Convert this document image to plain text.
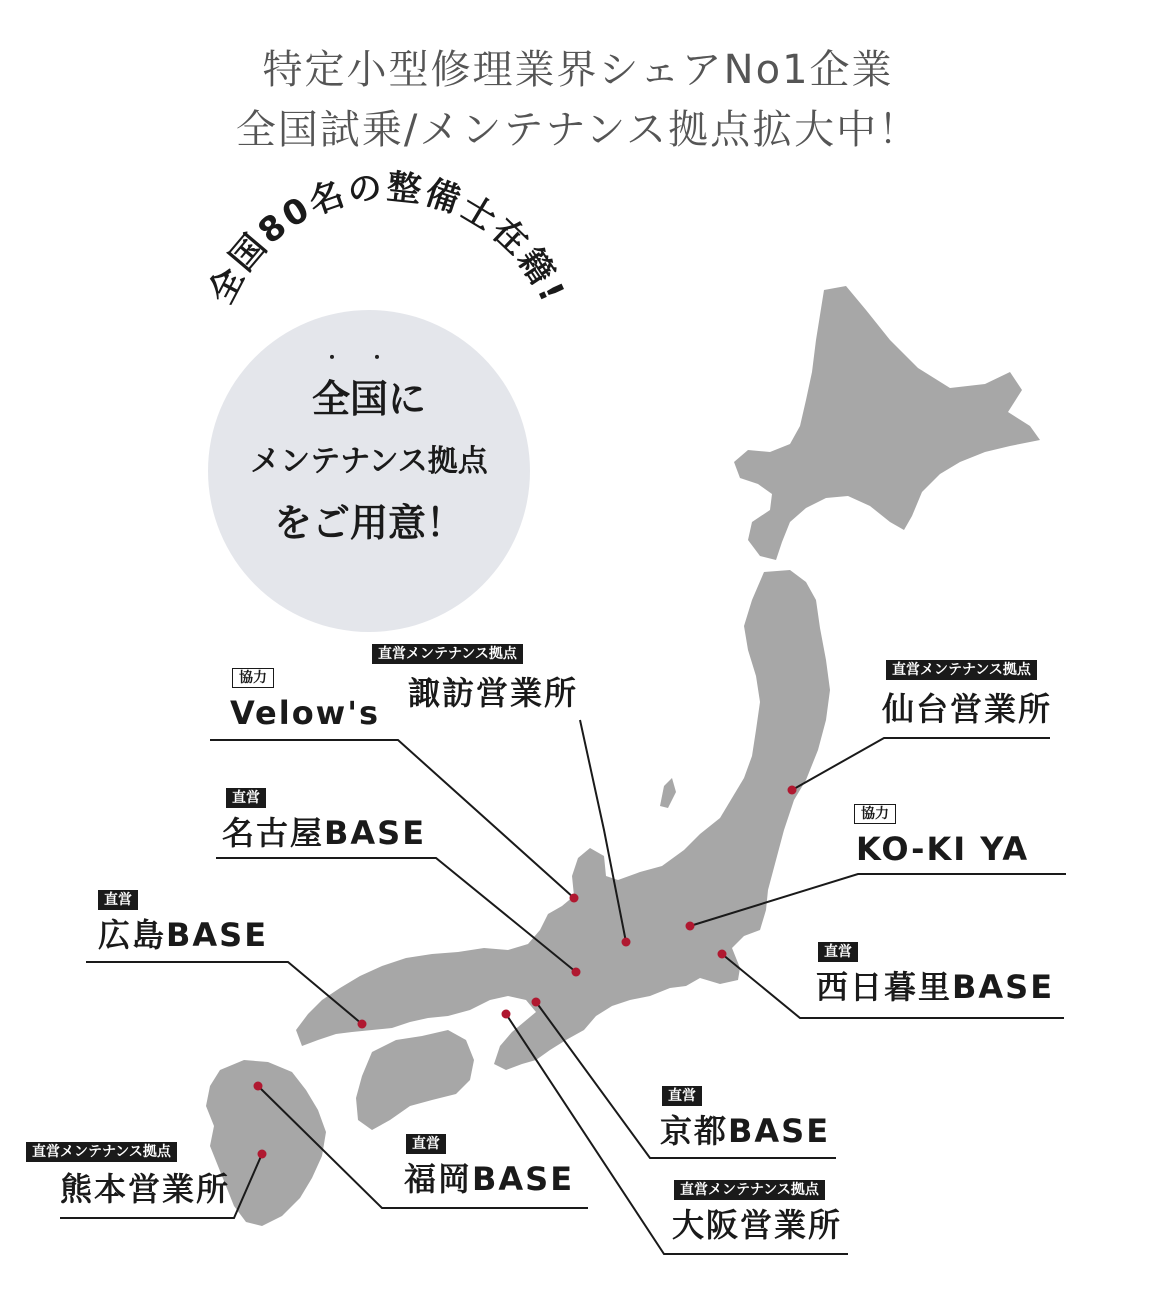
特定小型修理業界シェアNo1企業
全国試乗/メンテナンス拠点拡大中！
全国80名の整備士在籍!
・ ・
全国に
メンテナンス拠点
をご用意！
協力
Velow's
直営メンテナンス拠点
諏訪営業所
直営メンテナンス拠点
仙台営業所
直営
名古屋BASE	協力
KO-KI YA
直営
広島BASE	直営
西日暮里BASE
直営
京都BASE
直営メンテナンス拠点
熊本営業所
直営
福岡BASE	直営メンテナンス拠点
大阪営業所
